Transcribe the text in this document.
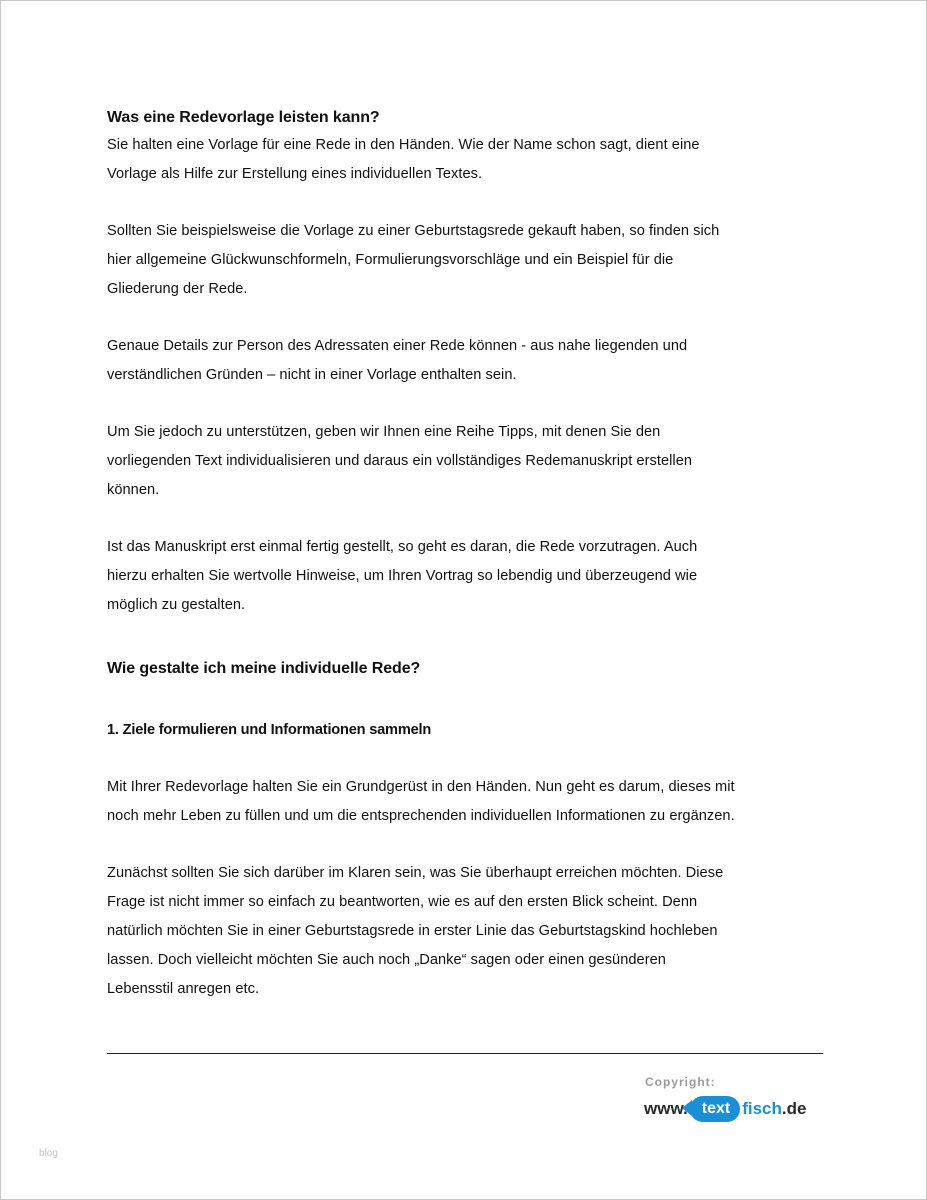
Was eine Redevorlage leisten kann?

Sie halten eine Vorlage für eine Rede in den Händen. Wie der Name schon sagt, dient eine

Vorlage als Hilfe zur Erstellung eines individuellen Textes.

Sollten Sie beispielsweise die Vorlage zu einer Geburtstagsrede gekauft haben, so finden sich

hier allgemeine Glückwunschformeln, Formulierungsvorschläge und ein Beispiel für die

Gliederung der Rede.

Genaue Details zur Person des Adressaten einer Rede können - aus nahe liegenden und

verständlichen Gründen – nicht in einer Vorlage enthalten sein.

Um Sie jedoch zu unterstützen, geben wir Ihnen eine Reihe Tipps, mit denen Sie den

vorliegenden Text individualisieren und daraus ein vollständiges Redemanuskript erstellen

können.

Ist das Manuskript erst einmal fertig gestellt, so geht es daran, die Rede vorzutragen. Auch

hierzu erhalten Sie wertvolle Hinweise, um Ihren Vortrag so lebendig und überzeugend wie

möglich zu gestalten.

Wie gestalte ich meine individuelle Rede?
1. Ziele formulieren und Informationen sammeln

Mit Ihrer Redevorlage halten Sie ein Grundgerüst in den Händen. Nun geht es darum, dieses mit

noch mehr Leben zu füllen und um die entsprechenden individuellen Informationen zu ergänzen.

Zunächst sollten Sie sich darüber im Klaren sein, was Sie überhaupt erreichen möchten. Diese

Frage ist nicht immer so einfach zu beantworten, wie es auf den ersten Blick scheint. Denn

natürlich möchten Sie in einer Geburtstagsrede in erster Linie das Geburtstagskind hochleben

lassen. Doch vielleicht möchten Sie auch noch „Danke“ sagen oder einen gesünderen

Lebensstil anregen etc.

Copyright:
www. text fisch .de
blog
